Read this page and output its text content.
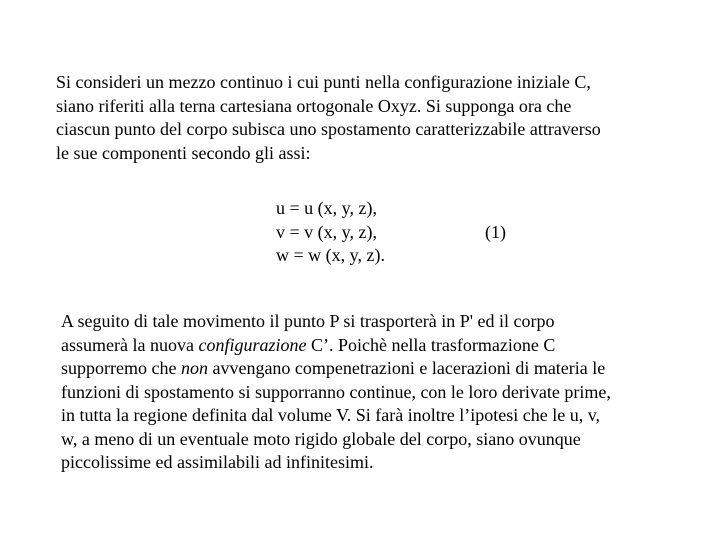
Si consideri un mezzo continuo i cui punti nella configurazione iniziale C,
siano riferiti alla terna cartesiana ortogonale Oxyz. Si supponga ora che
ciascun punto del corpo subisca uno spostamento caratterizzabile attraverso
le sue componenti secondo gli assi:
u = u (x, y, z),
v = v (x, y, z),
w = w (x, y, z).
(1)
A seguito di tale movimento il punto P si trasporterà in P' ed il corpo
assumerà la nuova configurazione C’. Poichè nella trasformazione C
supporremo che non avvengano compenetrazioni e lacerazioni di materia le
funzioni di spostamento si supporranno continue, con le loro derivate prime,
in tutta la regione definita dal volume V. Si farà inoltre l’ipotesi che le u, v,
w, a meno di un eventuale moto rigido globale del corpo, siano ovunque
piccolissime ed assimilabili ad infinitesimi.
